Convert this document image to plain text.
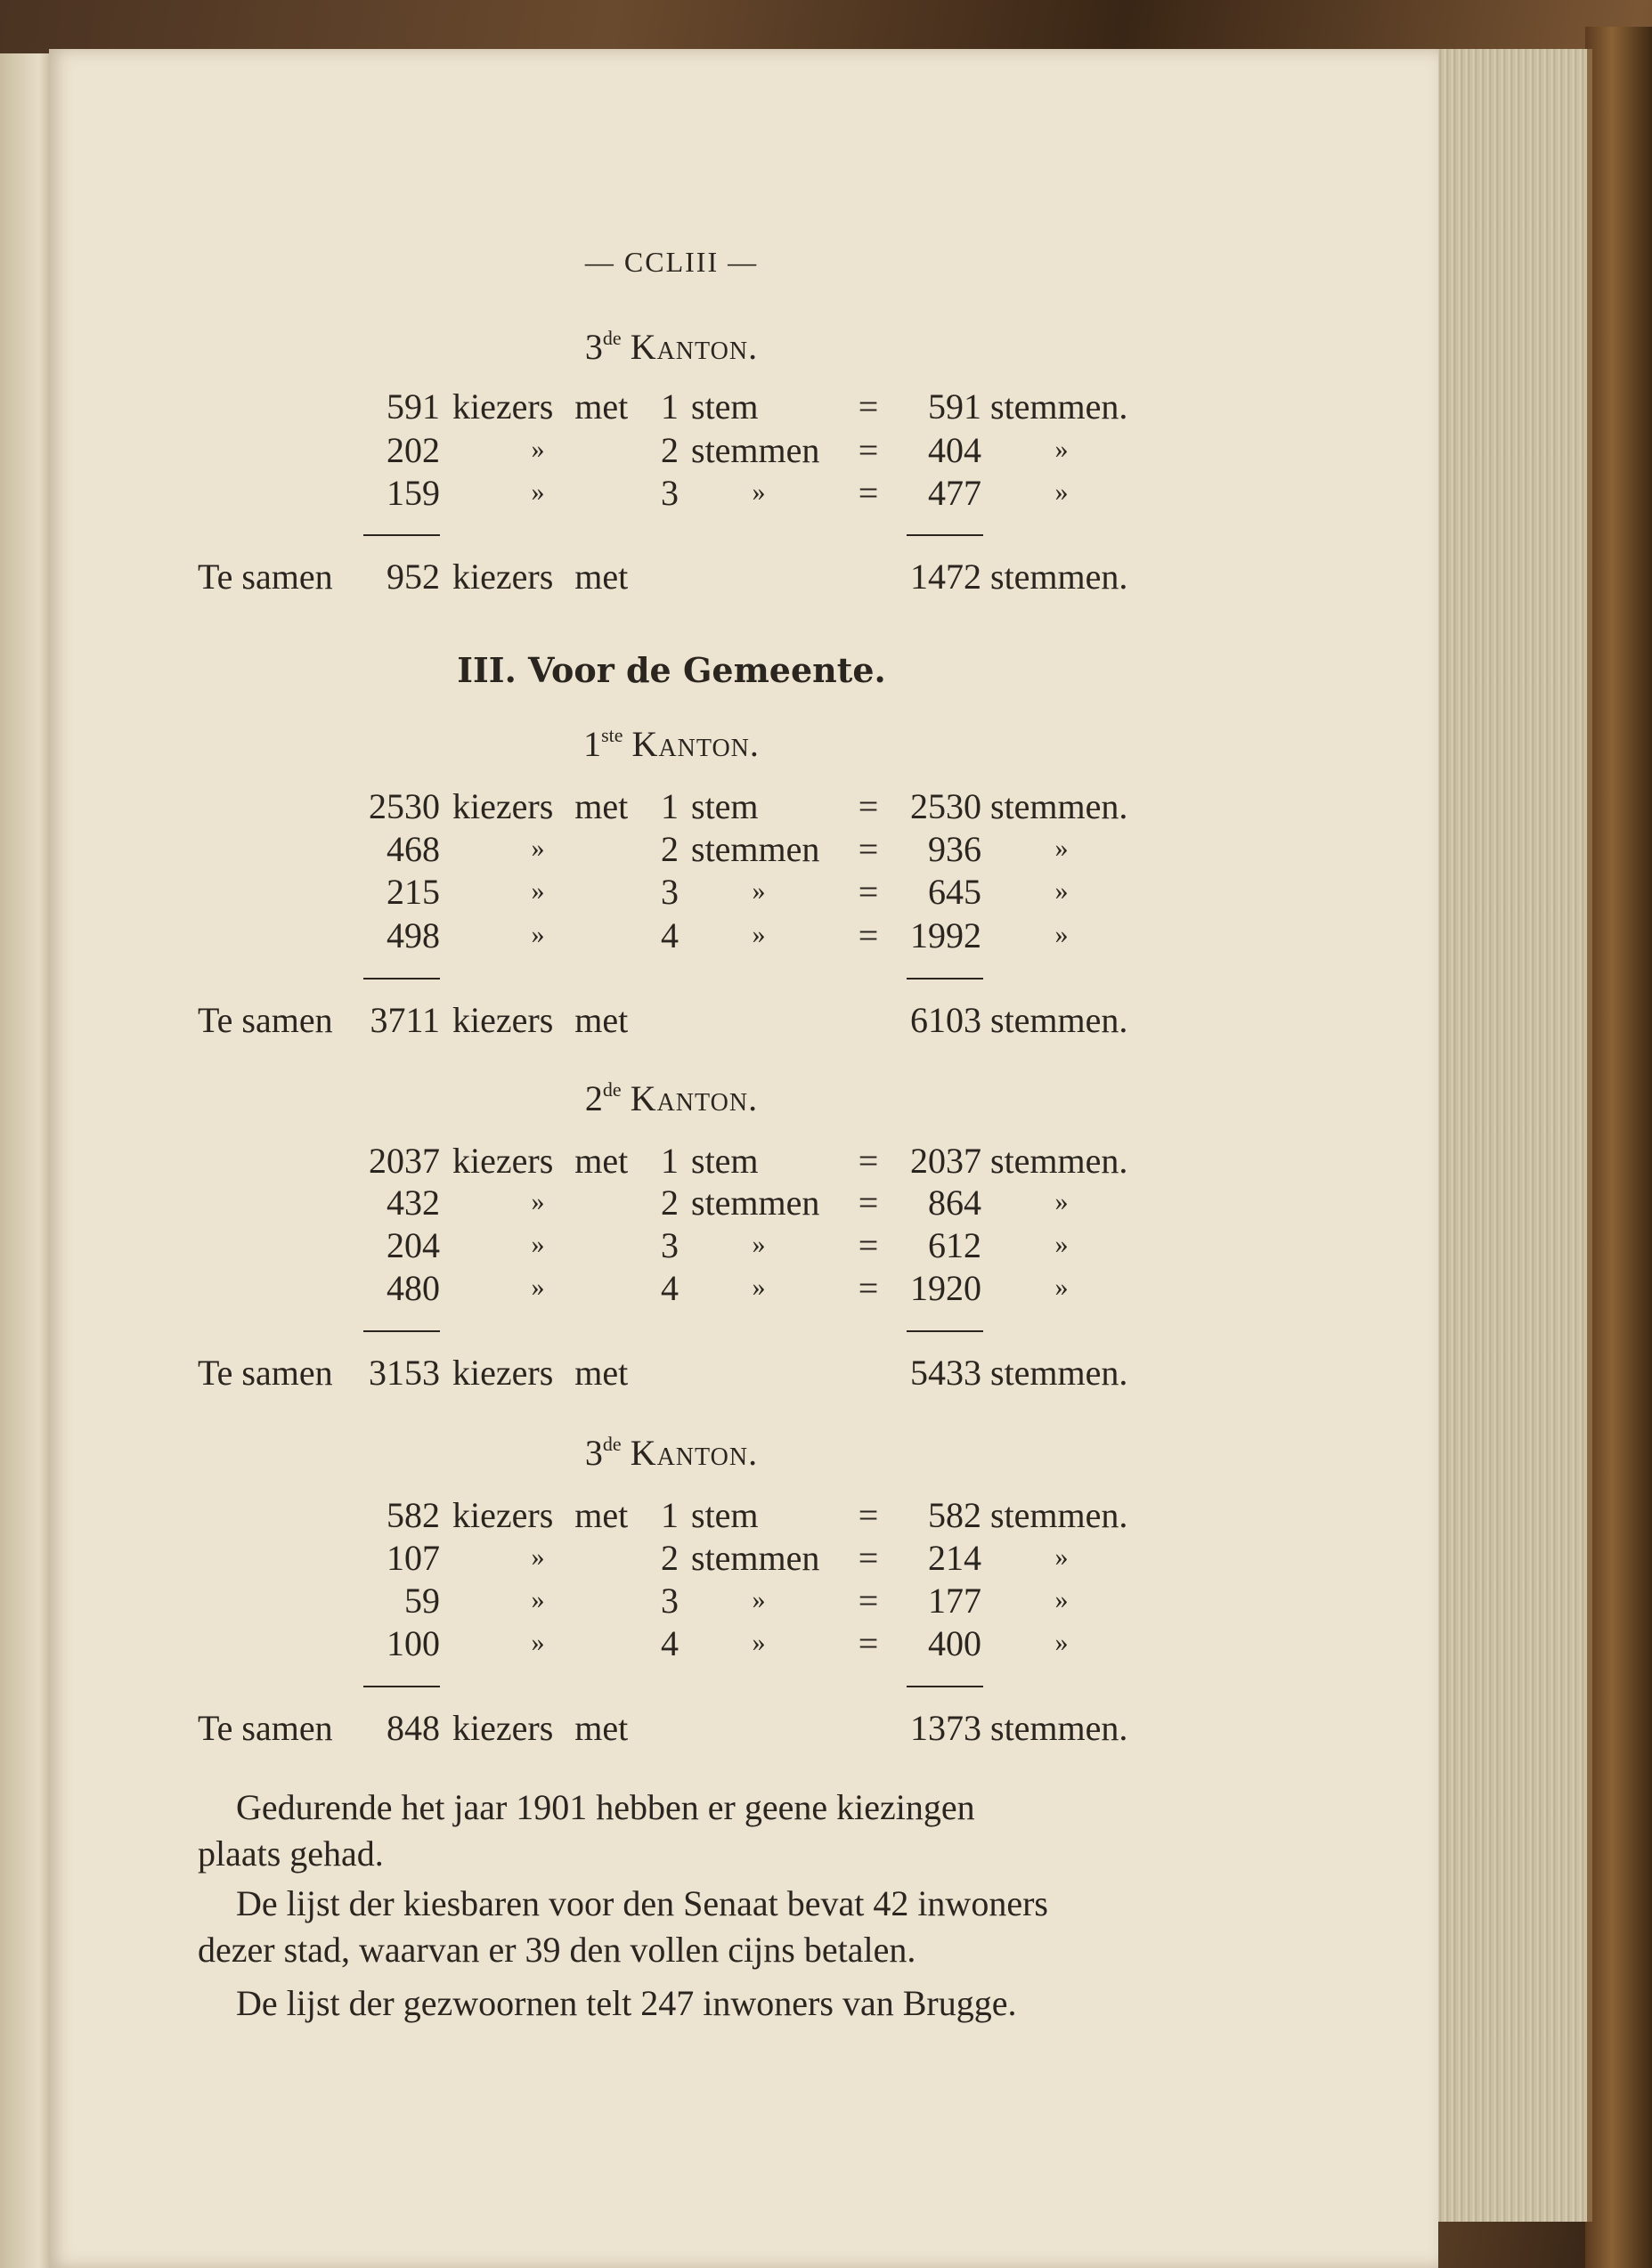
— CCLIII —
3de Kanton.
591 kiezers met 1 stem	= 591 stemmen.
202	»	2 stemmen = 404	»
159	»	3	»	= 477	»
Te samen 952 kiezers met	1472 stemmen.
1ste Kanton.
2530 kiezers met 1 stem	= 2530 stemmen.
468	»	2 stemmen = 936	»
215	»	3	»	= 645	»
498	»	4	»	= 1992	»
Te samen 3711 kiezers met	6103 stemmen.
2de Kanton.
2037 kiezers met 1 stem	= 2037 stemmen.
432	»	2 stemmen = 864	»
204	»	3	»	= 612	»
480	»	4	»	= 1920	»
Te samen 3153 kiezers met	5433 stemmen.
3de Kanton.
582 kiezers met 1 stem	= 582 stemmen.
107	»	2 stemmen = 214	»
59	»	3	»	= 177	»
100	»	4	»	= 400	»
Te samen 848 kiezers met	1373 stemmen.
III. Voor de Gemeente.
Gedurende het jaar 1901 hebben er geene kiezingen
plaats gehad.
De lijst der kiesbaren voor den Senaat bevat 42 inwoners
dezer stad, waarvan er 39 den vollen cijns betalen.
De lijst der gezwoornen telt 247 inwoners van Brugge.
